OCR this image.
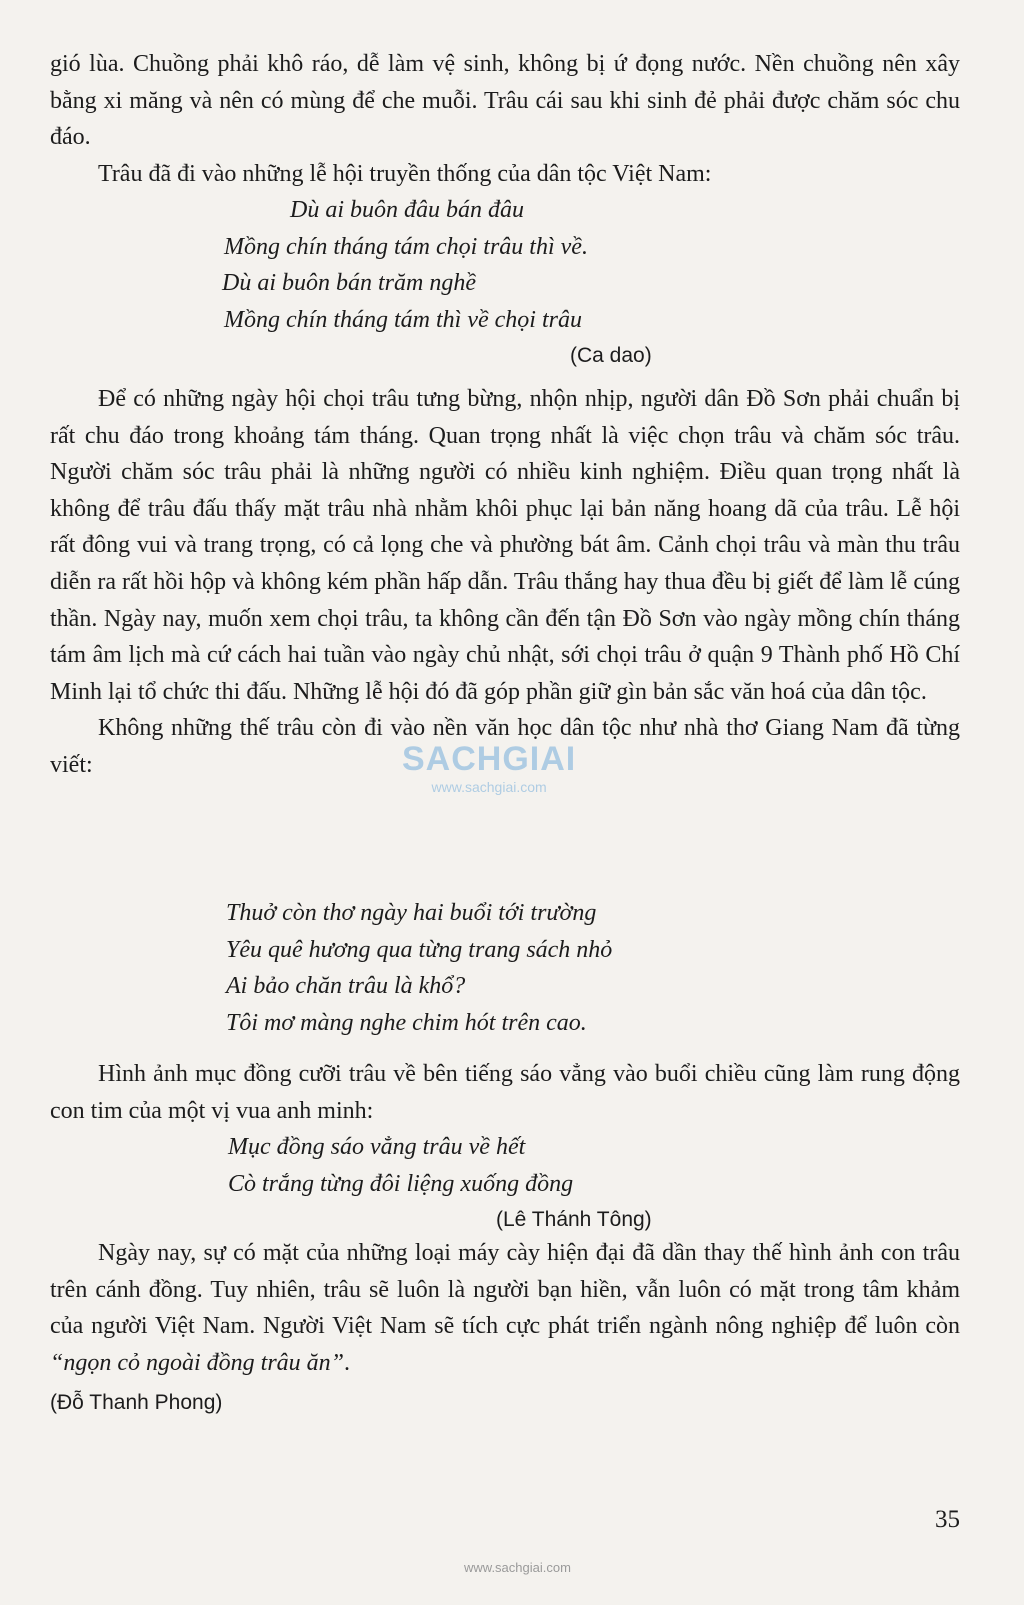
gió lùa. Chuồng phải khô ráo, dễ làm vệ sinh, không bị ứ đọng nước. Nền chuồng nên xây bằng xi măng và nên có mùng để che muỗi. Trâu cái sau khi sinh đẻ phải được chăm sóc chu đáo.

Trâu đã đi vào những lễ hội truyền thống của dân tộc Việt Nam:

Dù ai buôn đâu bán đâu

Mồng chín tháng tám chọi trâu thì về.

Dù ai buôn bán trăm nghề

Mồng chín tháng tám thì về chọi trâu

(Ca dao)

Để có những ngày hội chọi trâu tưng bừng, nhộn nhịp, người dân Đồ Sơn phải chuẩn bị rất chu đáo trong khoảng tám tháng. Quan trọng nhất là việc chọn trâu và chăm sóc trâu. Người chăm sóc trâu phải là những người có nhiều kinh nghiệm. Điều quan trọng nhất là không để trâu đấu thấy mặt trâu nhà nhằm khôi phục lại bản năng hoang dã của trâu. Lễ hội rất đông vui và trang trọng, có cả lọng che và phường bát âm. Cảnh chọi trâu và màn thu trâu diễn ra rất hồi hộp và không kém phần hấp dẫn. Trâu thắng hay thua đều bị giết để làm lễ cúng thần. Ngày nay, muốn xem chọi trâu, ta không cần đến tận Đồ Sơn vào ngày mồng chín tháng tám âm lịch mà cứ cách hai tuần vào ngày chủ nhật, sới chọi trâu ở quận 9 Thành phố Hồ Chí Minh lại tổ chức thi đấu. Những lễ hội đó đã góp phần giữ gìn bản sắc văn hoá của dân tộc.

Không những thế trâu còn đi vào nền văn học dân tộc như nhà thơ Giang Nam đã từng viết:

Thuở còn thơ ngày hai buổi tới trường

Yêu quê hương qua từng trang sách nhỏ

Ai bảo chăn trâu là khổ?

Tôi mơ màng nghe chim hót trên cao.

Hình ảnh mục đồng cưỡi trâu về bên tiếng sáo vẳng vào buổi chiều cũng làm rung động con tim của một vị vua anh minh:

Mục đồng sáo vẳng trâu về hết

Cò trắng từng đôi liệng xuống đồng

(Lê Thánh Tông)

Ngày nay, sự có mặt của những loại máy cày hiện đại đã dần thay thế hình ảnh con trâu trên cánh đồng. Tuy nhiên, trâu sẽ luôn là người bạn hiền, vẫn luôn có mặt trong tâm khảm của người Việt Nam. Người Việt Nam sẽ tích cực phát triển ngành nông nghiệp để luôn còn “ngọn cỏ ngoài đồng trâu ăn”.

(Đỗ Thanh Phong)

SACHGIAI
www.sachgiai.com
35
www.sachgiai.com
